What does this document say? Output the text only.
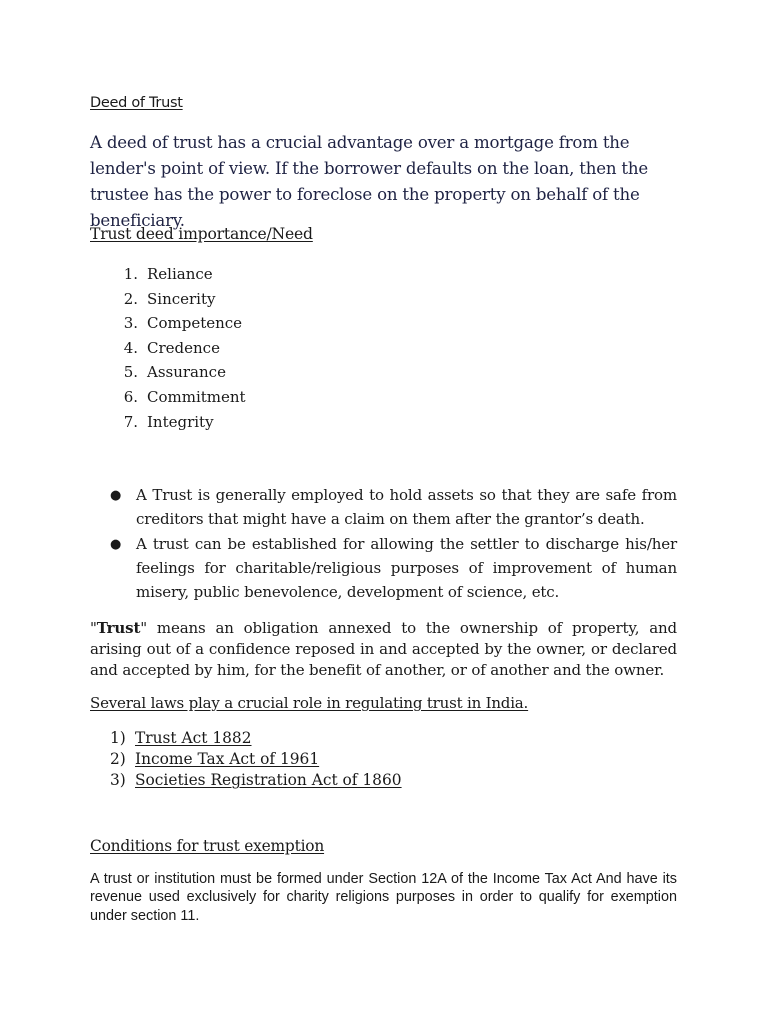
Deed of Trust
A deed of trust has a crucial advantage over a mortgage from the lender's point of view. If the borrower defaults on the loan, then the trustee has the power to foreclose on the property on behalf of the beneficiary.
Trust deed importance/Need
1. Reliance
2. Sincerity
3. Competence
4. Credence
5. Assurance
6. Commitment
7. Integrity
● A Trust is generally employed to hold assets so that they are safe from creditors that might have a claim on them after the grantor’s death.
● A trust can be established for allowing the settler to discharge his/her feelings for charitable/religious purposes of improvement of human misery, public benevolence, development of science, etc.
"Trust" means an obligation annexed to the ownership of property, and arising out of a confidence reposed in and accepted by the owner, or declared and accepted by him, for the benefit of another, or of another and the owner.
Several laws play a crucial role in regulating trust in India.
1) Trust Act 1882
2) Income Tax Act of 1961
3) Societies Registration Act of 1860
Conditions for trust exemption
A trust or institution must be formed under Section 12A of the Income Tax Act And have its revenue used exclusively for charity religions purposes in order to qualify for exemption under section 11.
